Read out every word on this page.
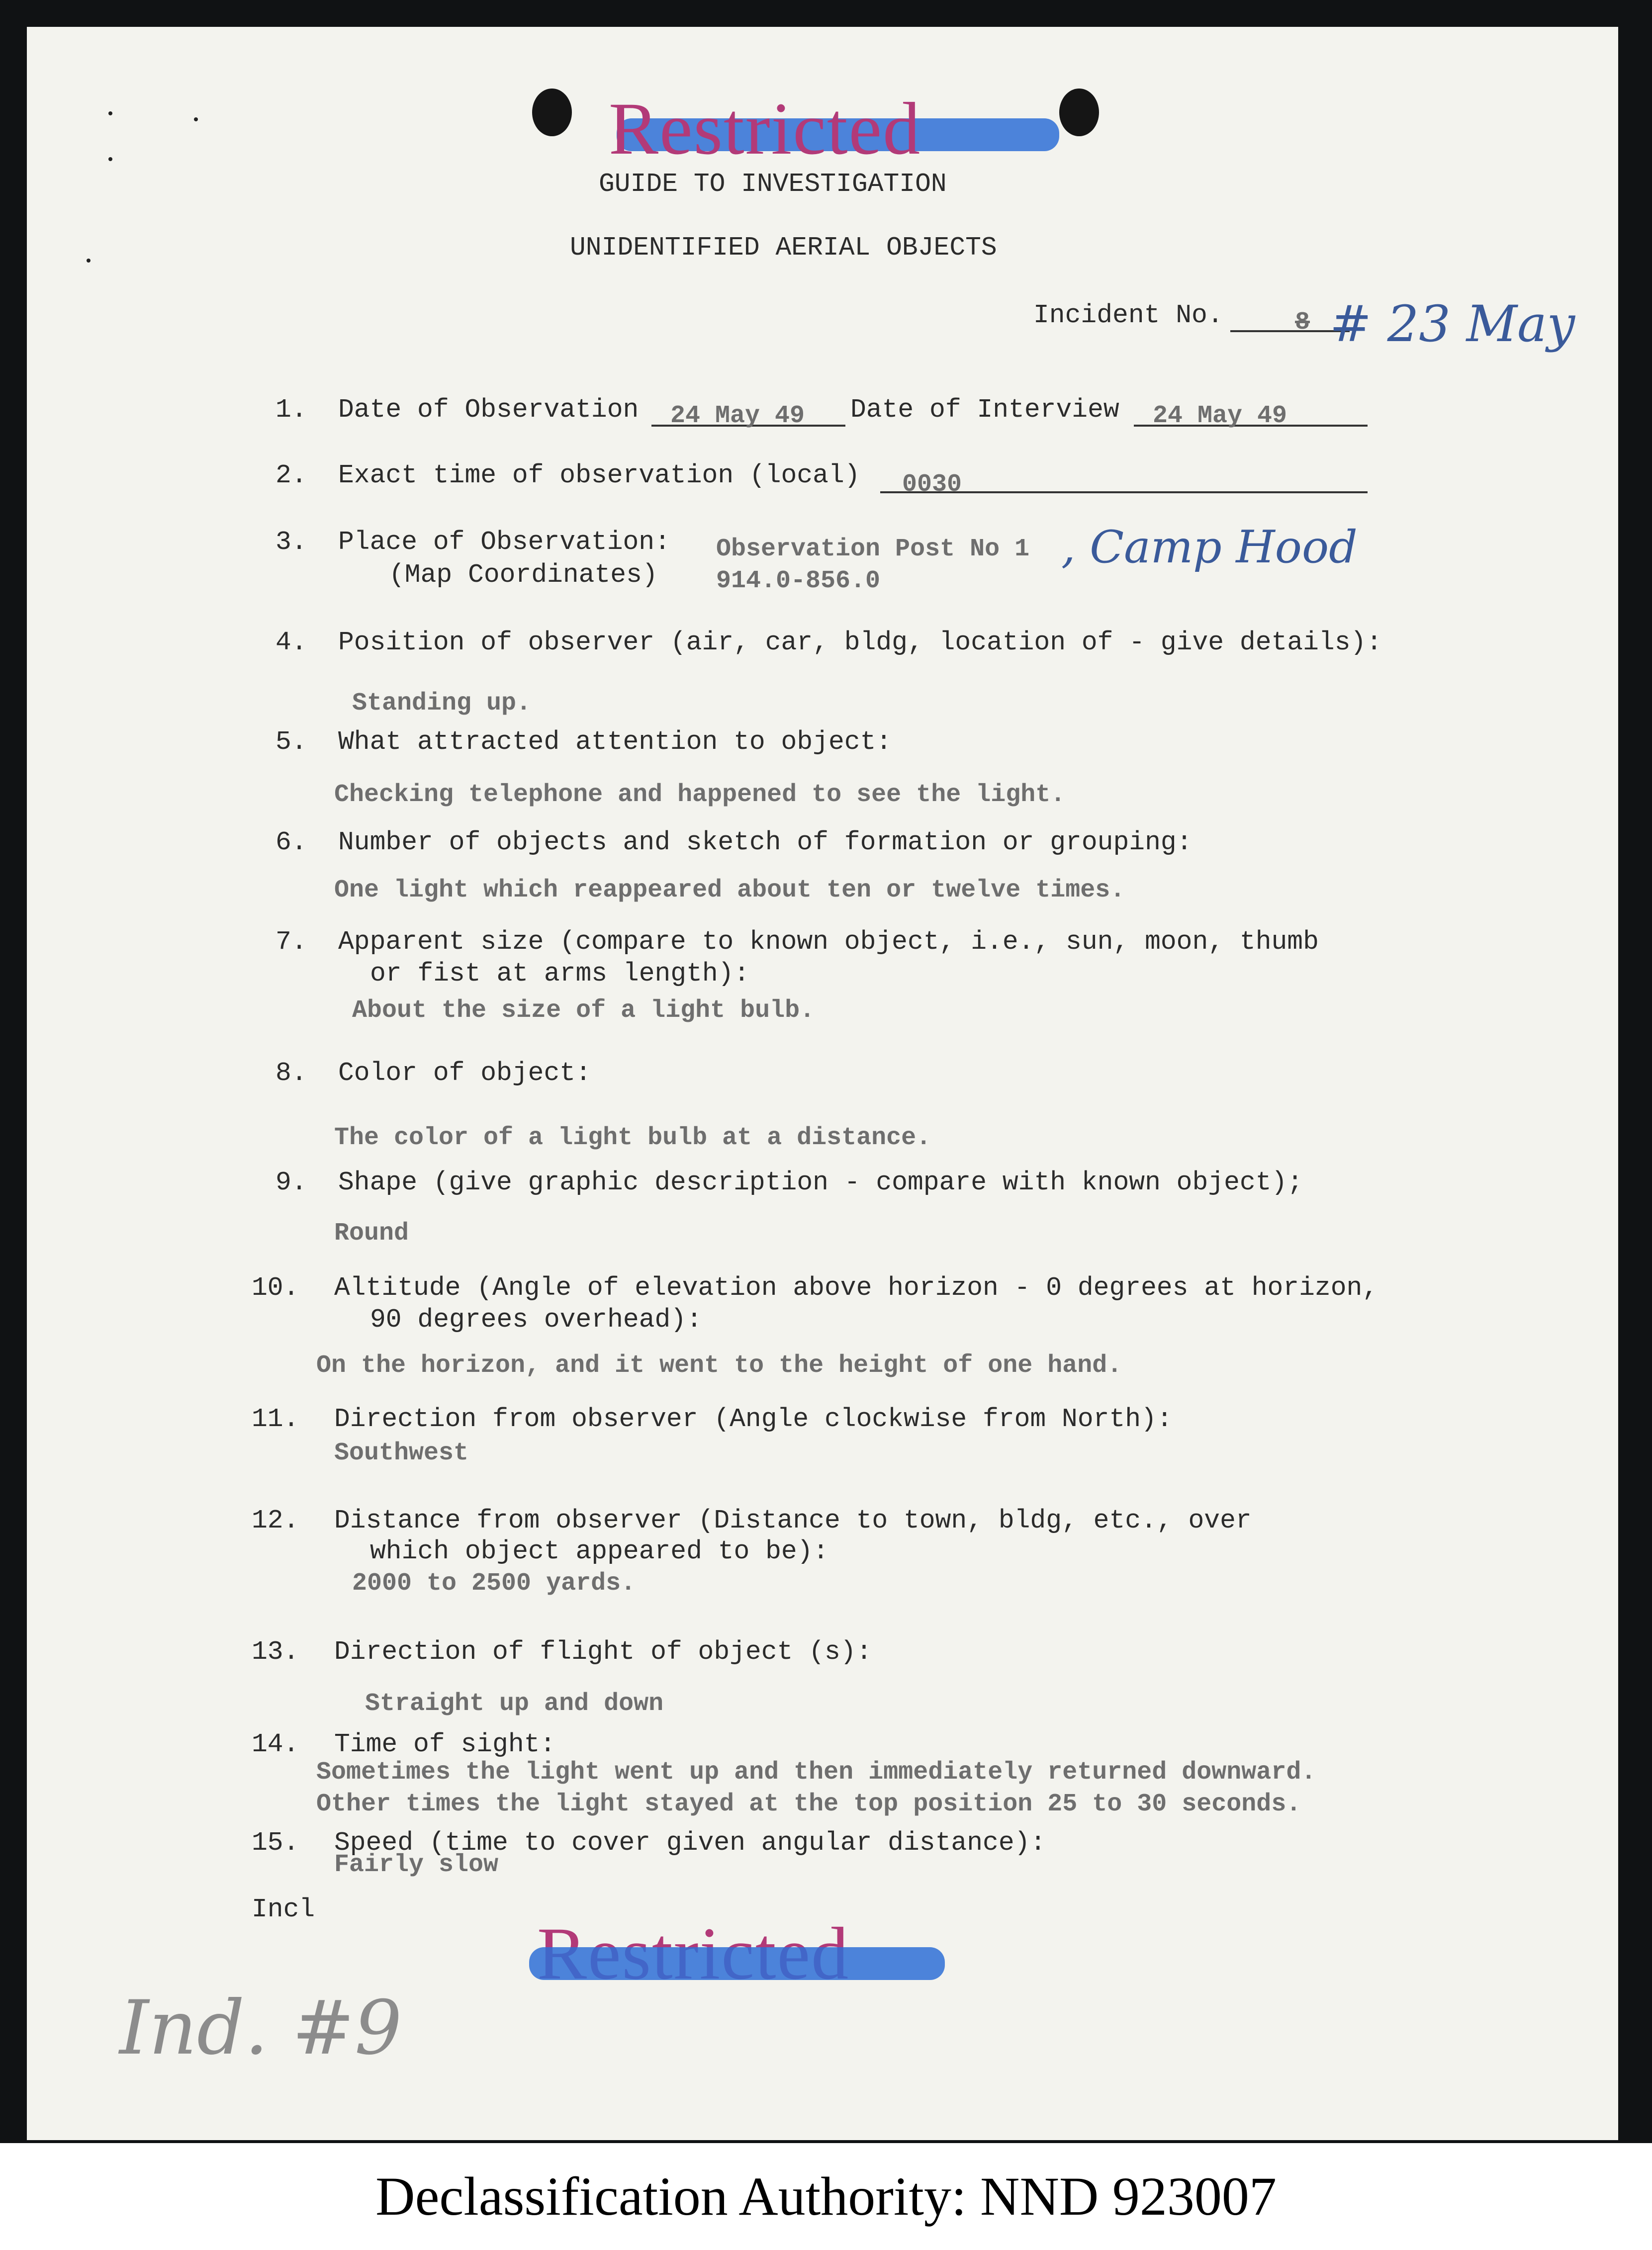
Restricted
GUIDE TO INVESTIGATION
UNIDENTIFIED AERIAL OBJECTS
Incident No.	8 # 23 May
1. Date of Observation 24 May 49 Date of Interview 24 May 49
2. Exact time of observation (local) 0030
3. Place of Observation:
(Map Coordinates)
Observation Post No 1
914.0-856.0
, Camp Hood
4. Position of observer (air, car, bldg, location of - give details):
Standing up.
5. What attracted attention to object:
Checking telephone and happened to see the light.
6. Number of objects and sketch of formation or grouping:
One light which reappeared about ten or twelve times.
7. Apparent size (compare to known object, i.e., sun, moon, thumb
or fist at arms length):
About the size of a light bulb.
8. Color of object:
The color of a light bulb at a distance.
9. Shape (give graphic description - compare with known object);
Round
10. Altitude (Angle of elevation above horizon - 0 degrees at horizon,
90 degrees overhead):
On the horizon, and it went to the height of one hand.
11. Direction from observer (Angle clockwise from North):
Southwest
12. Distance from observer (Distance to town, bldg, etc., over
which object appeared to be):
2000 to 2500 yards.
13. Direction of flight of object (s):
Straight up and down
14. Time of sight:
Sometimes the light went up and then immediately returned downward.
Other times the light stayed at the top position 25 to 30 seconds.
15. Speed (time to cover given angular distance):
Fairly slow
Incl
Ind. #9
Declassification Authority: NND 923007
